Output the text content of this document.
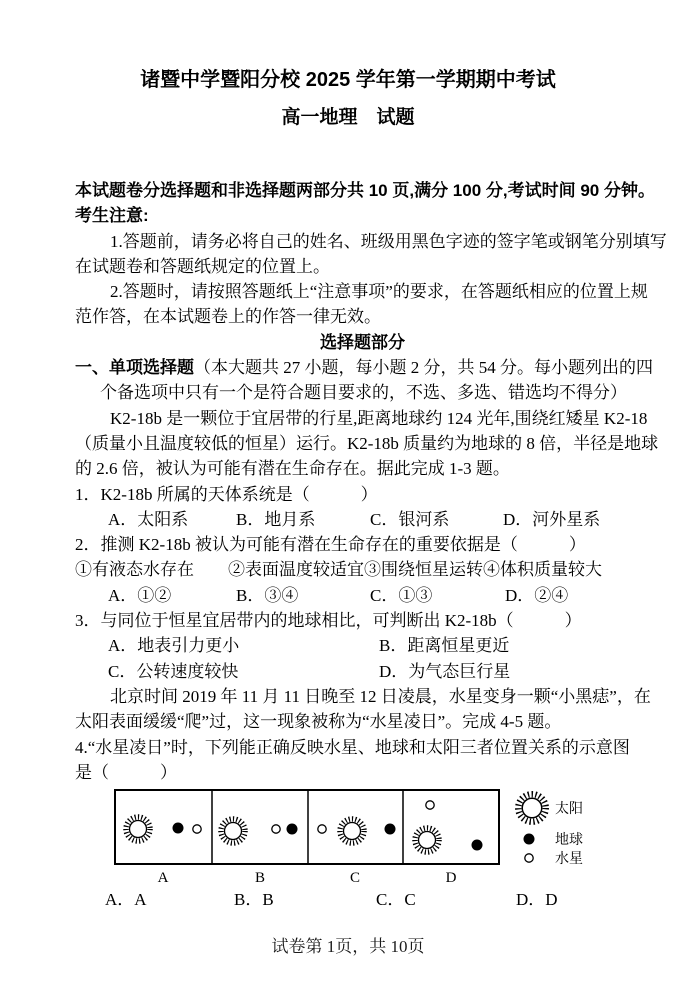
诸暨中学暨阳分校 2025 学年第一学期期中考试
高一地理　试题
本试题卷分选择题和非选择题两部分共 10 页,满分 100 分,考试时间 90 分钟。
考生注意:
1.答题前，请务必将自己的姓名、班级用黑色字迹的签字笔或钢笔分别填写
在试题卷和答题纸规定的位置上。
2.答题时，请按照答题纸上“注意事项”的要求，在答题纸相应的位置上规
范作答，在本试题卷上的作答一律无效。
选择题部分
一、单项选择题（本大题共 27 小题，每小题 2 分，共 54 分。每小题列出的四
个备选项中只有一个是符合题目要求的，不选、多选、错选均不得分）
K2-18b 是一颗位于宜居带的行星,距离地球约 124 光年,围绕红矮星 K2-18
（质量小且温度较低的恒星）运行。K2-18b 质量约为地球的 8 倍，半径是地球
的 2.6 倍，被认为可能有潜在生命存在。据此完成 1-3 题。
1．K2-18b 所属的天体系统是（　　　）
A．太阳系	B．地月系	C．银河系	D．河外星系
2．推测 K2-18b 被认为可能有潜在生命存在的重要依据是（　　　）
①有液态水存在　　②表面温度较适宜③围绕恒星运转④体积质量较大
A．①②	B．③④	C．①③	D．②④
3．与同位于恒星宜居带内的地球相比，可判断出 K2-18b（　　　）
A．地表引力更小	B．距离恒星更近
C．公转速度较快	D．为气态巨行星
北京时间 2019 年 11 月 11 日晚至 12 日凌晨，水星变身一颗“小黑痣”，在
太阳表面缓缓“爬”过，这一现象被称为“水星凌日”。完成 4-5 题。
4.“水星凌日”时，下列能正确反映水星、地球和太阳三者位置关系的示意图
是（　　　）
A	B	C	D
太阳
地球
水星
A．A	B．B	C．C	D．D
试卷第 1页，共 10页
